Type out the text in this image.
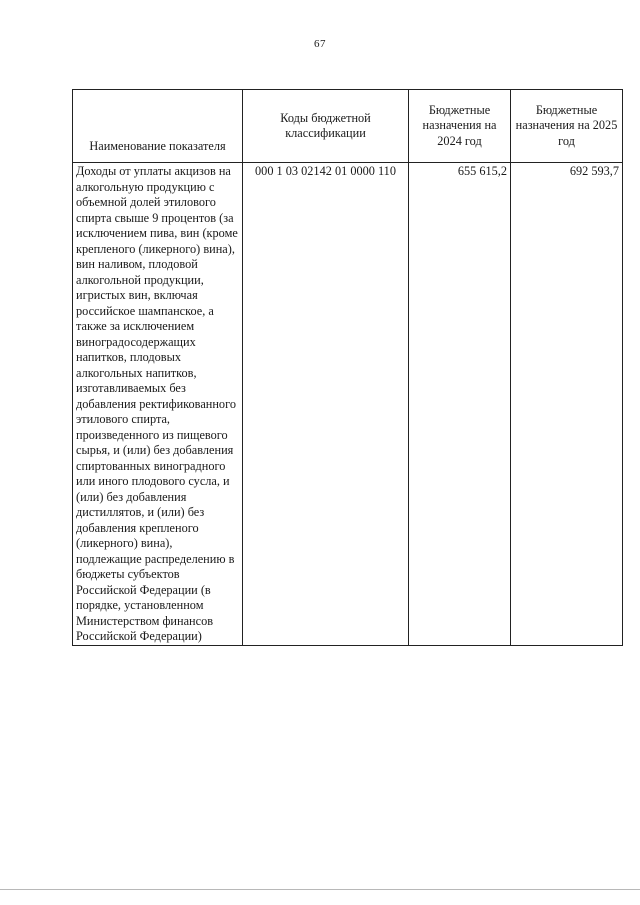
67
Наименование показателя	Коды бюджетной классификации	Бюджетные назначения на 2024 год	Бюджетные назначения на 2025 год
Доходы от уплаты акцизов на алкогольную продукцию с объемной долей этилового спирта свыше 9 процентов (за исключением пива, вин (кроме крепленого (ликерного) вина), вин наливом, плодовой алкогольной продукции, игристых вин, включая российское шампанское, а также за исключением виноградосодержащих напитков, плодовых алкогольных напитков, изготавливаемых без добавления ректификованного этилового спирта, произведенного из пищевого сырья, и (или) без добавления спиртованных виноградного или иного плодового сусла, и (или) без добавления дистиллятов, и (или) без добавления крепленого (ликерного) вина), подлежащие распределению в бюджеты субъектов Российской Федерации (в порядке, установленном Министерством финансов Российской Федерации)	000 1 03 02142 01 0000 110	655 615,2	692 593,7
